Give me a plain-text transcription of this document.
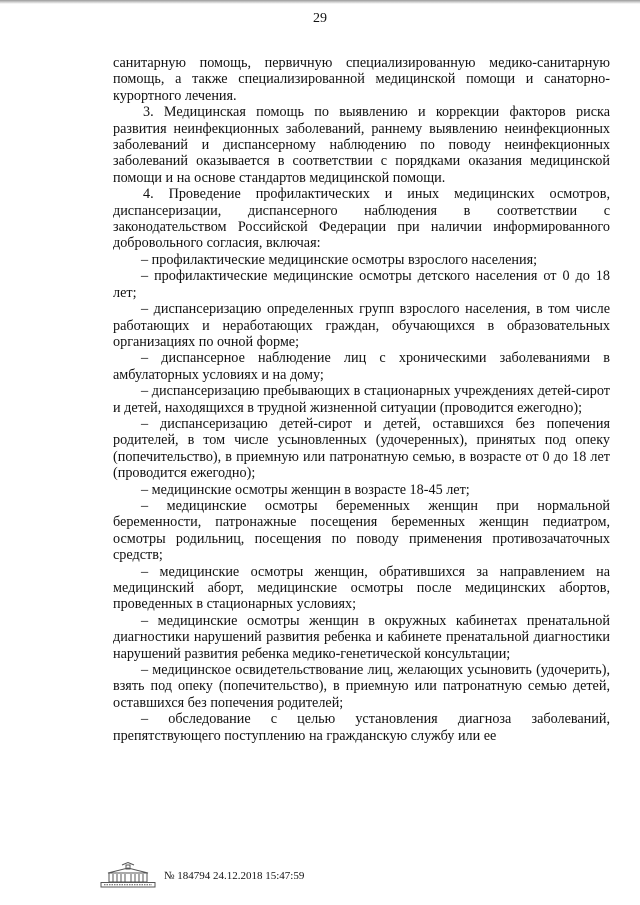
29

санитарную помощь, первичную специализированную медико-санитарную помощь, а также специализированной медицинской помощи и санаторно-курортного лечения.

3. Медицинская помощь по выявлению и коррекции факторов риска развития неинфекционных заболеваний, раннему выявлению неинфекционных заболеваний и диспансерному наблюдению по поводу неинфекционных заболеваний оказывается в соответствии с порядками оказания медицинской помощи и на основе стандартов медицинской помощи.

4. Проведение профилактических и иных медицинских осмотров, диспансеризации, диспансерного наблюдения в соответствии с законодательством Российской Федерации при наличии информированного добровольного согласия, включая:

– профилактические медицинские осмотры взрослого населения;

– профилактические медицинские осмотры детского населения от 0 до 18 лет;

– диспансеризацию определенных групп взрослого населения, в том числе работающих и неработающих граждан, обучающихся в образовательных организациях по очной форме;

– диспансерное наблюдение лиц с хроническими заболеваниями в амбулаторных условиях и на дому;

– диспансеризацию пребывающих в стационарных учреждениях детей-сирот и детей, находящихся в трудной жизненной ситуации (проводится ежегодно);

– диспансеризацию детей-сирот и детей, оставшихся без попечения родителей, в том числе усыновленных (удочеренных), принятых под опеку (попечительство), в приемную или патронатную семью, в возрасте от 0 до 18 лет (проводится ежегодно);

– медицинские осмотры женщин в возрасте 18-45 лет;

– медицинские осмотры беременных женщин при нормальной беременности, патронажные посещения беременных женщин педиатром, осмотры родильниц, посещения по поводу применения противозачаточных средств;

– медицинские осмотры женщин, обратившихся за направлением на медицинский аборт, медицинские осмотры после медицинских абортов, проведенных в стационарных условиях;

– медицинские осмотры женщин в окружных кабинетах пренатальной диагностики нарушений развития ребенка и кабинете пренатальной диагностики нарушений развития ребенка медико-генетической консультации;

– медицинское освидетельствование лиц, желающих усыновить (удочерить), взять под опеку (попечительство), в приемную или патронатную семью детей, оставшихся без попечения родителей;

– обследование с целью установления диагноза заболеваний, препятствующего поступлению на гражданскую службу или ее

№ 184794 24.12.2018 15:47:59
